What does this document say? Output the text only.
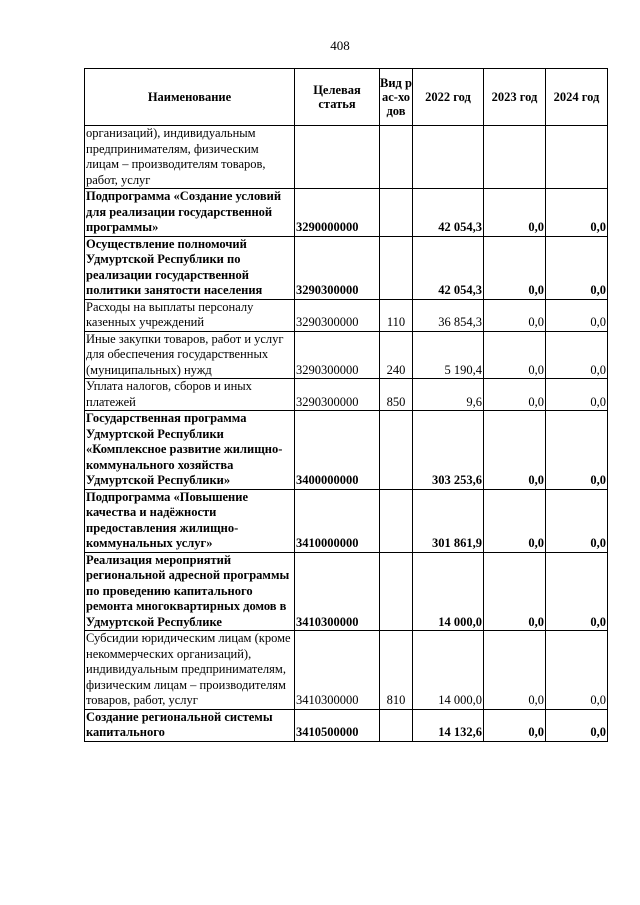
408
Наименование	Целевая статья	Вид рас-ходов	2022 год	2023 год	2024 год
организаций), индивидуальным предпринимателям, физическим лицам – производителям товаров, работ, услуг					
Подпрограмма «Создание условий для реализации государственной программы»	3290000000		42 054,3	0,0	0,0
Осуществление полномочий Удмуртской Республики по реализации государственной политики занятости населения	3290300000		42 054,3	0,0	0,0
Расходы на выплаты персоналу казенных учреждений	3290300000	110	36 854,3	0,0	0,0
Иные закупки товаров, работ и услуг для обеспечения государственных (муниципальных) нужд	3290300000	240	5 190,4	0,0	0,0
Уплата налогов, сборов и иных платежей	3290300000	850	9,6	0,0	0,0
Государственная программа Удмуртской Республики «Комплексное развитие жилищно-коммунального хозяйства Удмуртской Республики»	3400000000		303 253,6	0,0	0,0
Подпрограмма «Повышение качества и надёжности предоставления жилищно-коммунальных услуг»	3410000000		301 861,9	0,0	0,0
Реализация мероприятий региональной адресной программы по проведению капитального ремонта многоквартирных домов в Удмуртской Республике	3410300000		14 000,0	0,0	0,0
Субсидии юридическим лицам (кроме некоммерческих организаций), индивидуальным предпринимателям, физическим лицам – производителям товаров, работ, услуг	3410300000	810	14 000,0	0,0	0,0
Создание региональной системы капитального	3410500000		14 132,6	0,0	0,0
